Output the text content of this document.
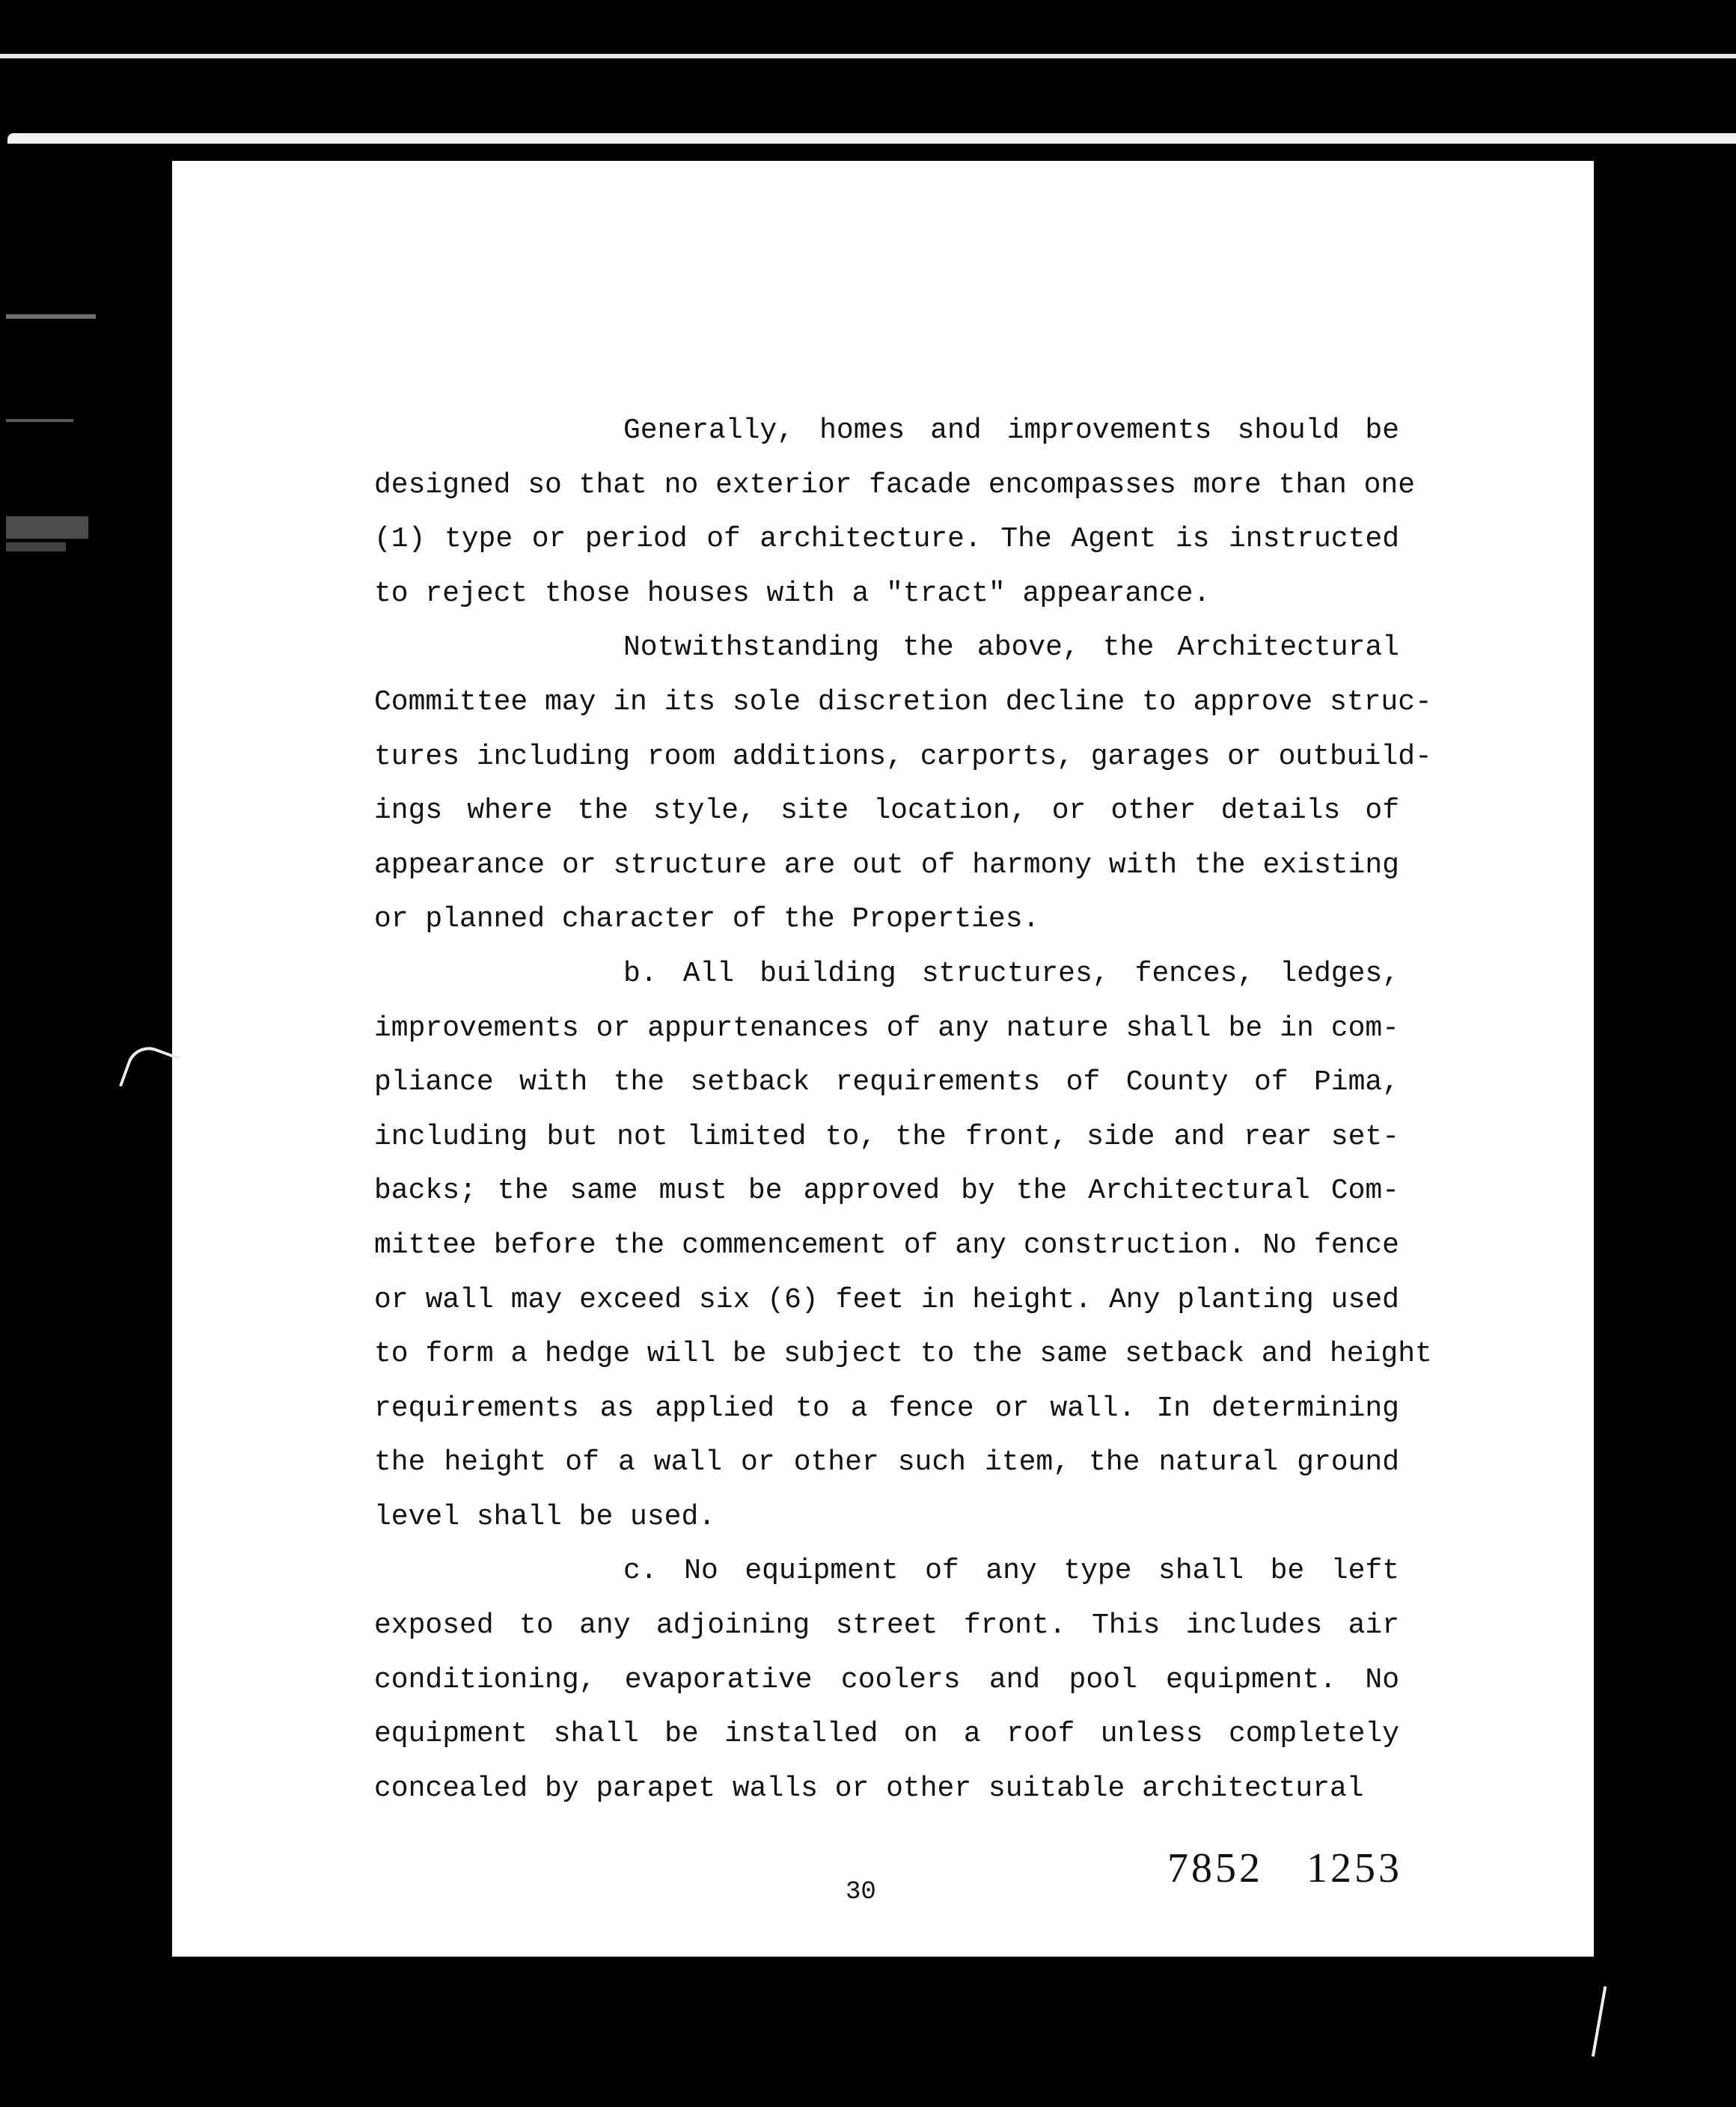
Generally, homes and improvements should be
designed so that no exterior facade encompasses more than one
(1) type or period of architecture. The Agent is instructed
to reject those houses with a "tract" appearance.
Notwithstanding the above, the Architectural
Committee may in its sole discretion decline to approve struc-
tures including room additions, carports, garages or outbuild-
ings where the style, site location, or other details of
appearance or structure are out of harmony with the existing
or planned character of the Properties.
b. All building structures, fences, ledges,
improvements or appurtenances of any nature shall be in com-
pliance with the setback requirements of County of Pima,
including but not limited to, the front, side and rear set-
backs; the same must be approved by the Architectural Com-
mittee before the commencement of any construction. No fence
or wall may exceed six (6) feet in height. Any planting used
to form a hedge will be subject to the same setback and height
requirements as applied to a fence or wall. In determining
the height of a wall or other such item, the natural ground
level shall be used.
c. No equipment of any type shall be left
exposed to any adjoining street front. This includes air
conditioning, evaporative coolers and pool equipment. No
equipment shall be installed on a roof unless completely
concealed by parapet walls or other suitable architectural
30
7852 1253
